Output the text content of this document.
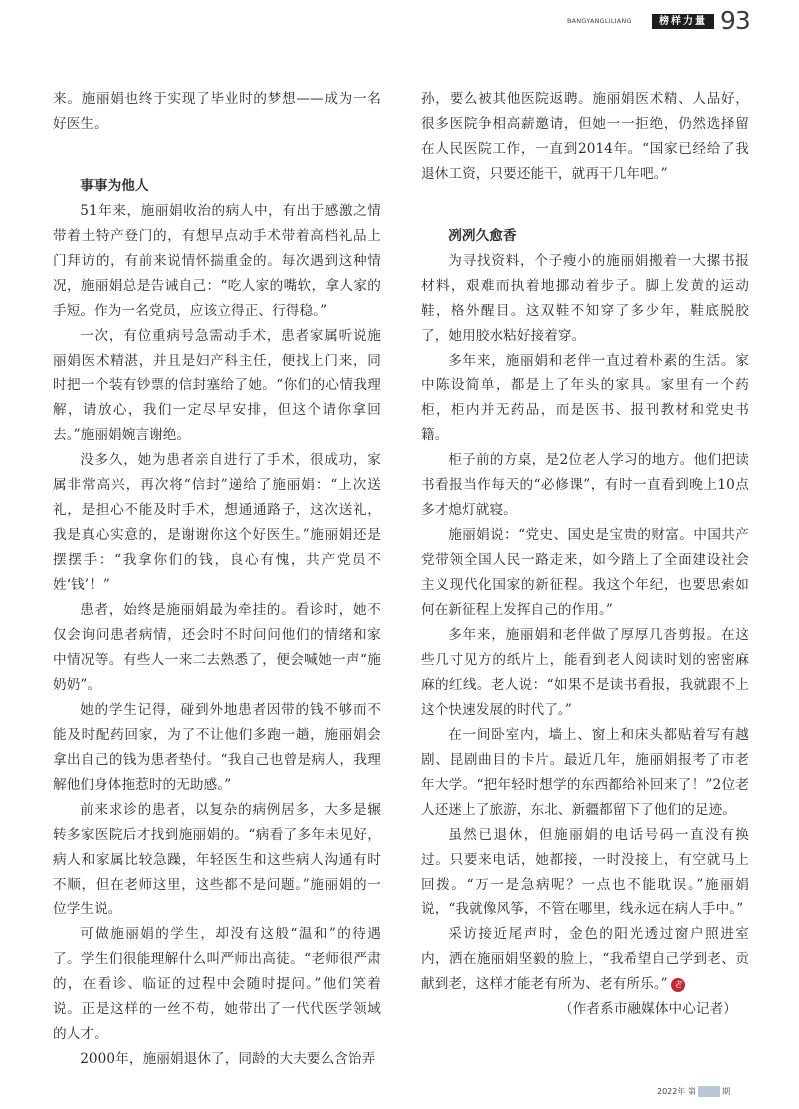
BANGYANGLILIANG	榜样力量 93

来。施丽娟也终于实现了毕业时的梦想——成为一名好医生。

事事为他人

51年来，施丽娟收治的病人中，有出于感激之情带着土特产登门的，有想早点动手术带着高档礼品上门拜访的，有前来说情怀揣重金的。每次遇到这种情况，施丽娟总是告诫自己：“吃人家的嘴软，拿人家的手短。作为一名党员，应该立得正、行得稳。”

一次，有位重病号急需动手术，患者家属听说施丽娟医术精湛，并且是妇产科主任，便找上门来，同时把一个装有钞票的信封塞给了她。“你们的心情我理解，请放心，我们一定尽早安排，但这个请你拿回去。”施丽娟婉言谢绝。

没多久，她为患者亲自进行了手术，很成功，家属非常高兴，再次将“信封”递给了施丽娟：“上次送礼，是担心不能及时手术，想通通路子，这次送礼，我是真心实意的，是谢谢你这个好医生。”施丽娟还是摆摆手：“我拿你们的钱，良心有愧，共产党员不姓‘钱’！”

患者，始终是施丽娟最为牵挂的。看诊时，她不仅会询问患者病情，还会时不时问问他们的情绪和家中情况等。有些人一来二去熟悉了，便会喊她一声“施奶奶”。

她的学生记得，碰到外地患者因带的钱不够而不能及时配药回家，为了不让他们多跑一趟，施丽娟会拿出自己的钱为患者垫付。“我自己也曾是病人，我理解他们身体拖惹时的无助感。”

前来求诊的患者，以复杂的病例居多，大多是辗转多家医院后才找到施丽娟的。“病看了多年未见好，病人和家属比较急躁，年轻医生和这些病人沟通有时不顺，但在老师这里，这些都不是问题。”施丽娟的一位学生说。

可做施丽娟的学生，却没有这般“温和”的待遇了。学生们很能理解什么叫严师出高徒。“老师很严肃的，在看诊、临证的过程中会随时提问。”他们笑着说。正是这样的一丝不苟，她带出了一代代医学领域的人才。

2000年，施丽娟退休了，同龄的大夫要么含饴弄

孙，要么被其他医院返聘。施丽娟医术精、人品好，很多医院争相高薪邀请，但她一一拒绝，仍然选择留在人民医院工作，一直到2014年。“国家已经给了我退休工资，只要还能干，就再干几年吧。”

冽冽久愈香

为寻找资料，个子瘦小的施丽娟搬着一大摞书报材料，艰难而执着地挪动着步子。脚上发黄的运动鞋，格外醒目。这双鞋不知穿了多少年，鞋底脱胶了，她用胶水粘好接着穿。

多年来，施丽娟和老伴一直过着朴素的生活。家中陈设简单，都是上了年头的家具。家里有一个药柜，柜内并无药品，而是医书、报刊教材和党史书籍。

柜子前的方桌，是2位老人学习的地方。他们把读书看报当作每天的“必修课”，有时一直看到晚上10点多才熄灯就寝。

施丽娟说：“党史、国史是宝贵的财富。中国共产党带领全国人民一路走来，如今踏上了全面建设社会主义现代化国家的新征程。我这个年纪，也要思索如何在新征程上发挥自己的作用。”

多年来，施丽娟和老伴做了厚厚几沓剪报。在这些几寸见方的纸片上，能看到老人阅读时划的密密麻麻的红线。老人说：“如果不是读书看报，我就跟不上这个快速发展的时代了。”

在一间卧室内，墙上、窗上和床头都贴着写有越剧、昆剧曲目的卡片。最近几年，施丽娟报考了市老年大学。“把年轻时想学的东西都给补回来了！”2位老人还迷上了旅游，东北、新疆都留下了他们的足迹。

虽然已退休，但施丽娟的电话号码一直没有换过。只要来电话，她都接，一时没接上，有空就马上回拨。“万一是急病呢？一点也不能耽误。”施丽娟说，“我就像风筝，不管在哪里，线永远在病人手中。”

采访接近尾声时，金色的阳光透过窗户照进室内，洒在施丽娟坚毅的脸上，“我希望自己学到老、贡献到老，这样才能老有所为、老有所乐。” 老

（作者系市融媒体中心记者）

2022年 第 12期 期
